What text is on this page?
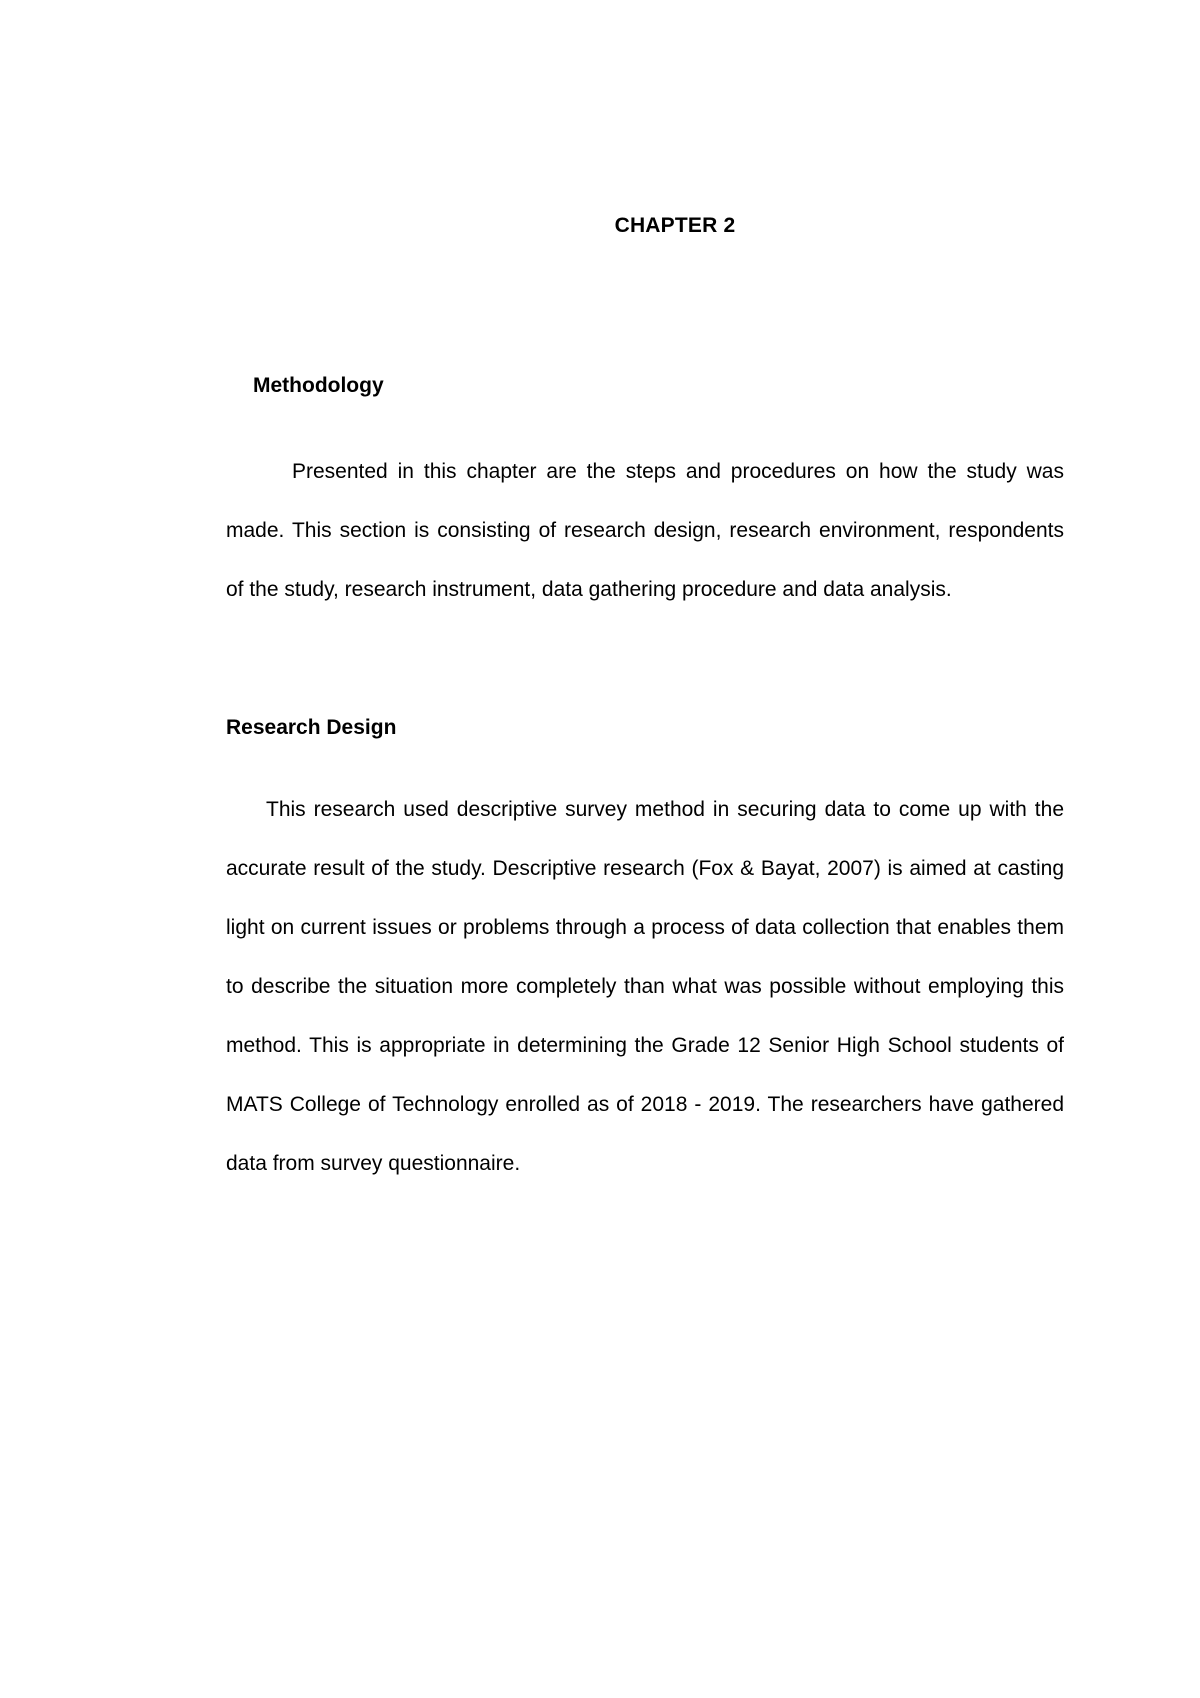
CHAPTER 2
Methodology

Presented in this chapter are the steps and procedures on how the study was made. This section is consisting of research design, research environment, respondents of the study, research instrument, data gathering procedure and data analysis.

Research Design

This research used descriptive survey method in securing data to come up with the accurate result of the study. Descriptive research (Fox & Bayat, 2007) is aimed at casting light on current issues or problems through a process of data collection that enables them to describe the situation more completely than what was possible without employing this method. This is appropriate in determining the Grade 12 Senior High School students of MATS College of Technology enrolled as of 2018 - 2019. The researchers have gathered data from survey questionnaire.
